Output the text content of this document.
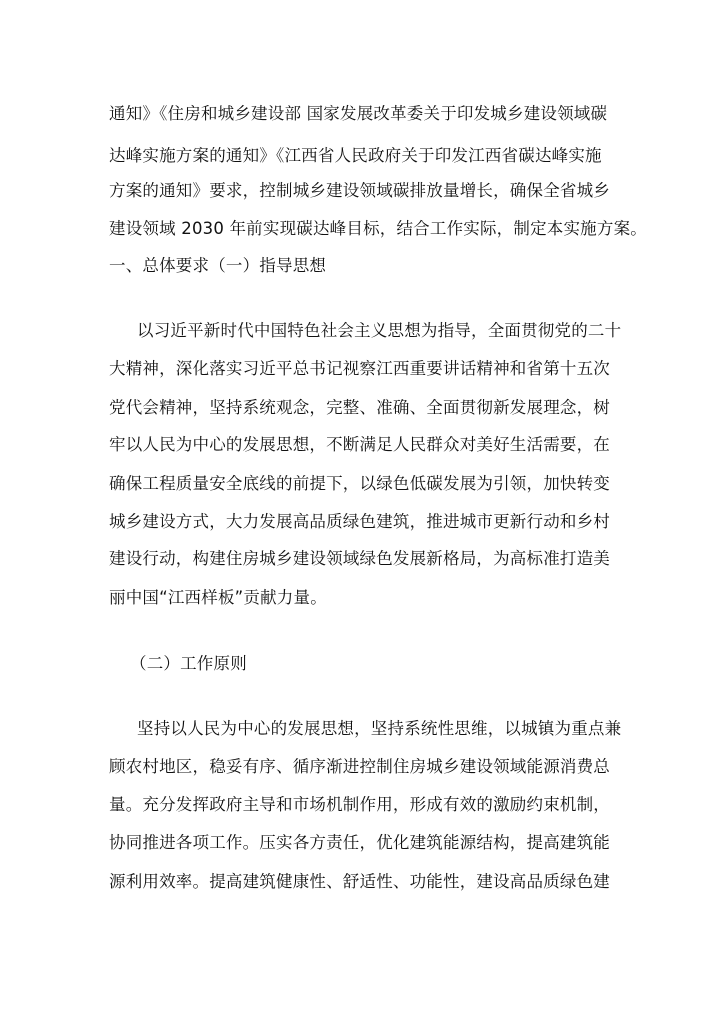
通知》《住房和城乡建设部 国家发展改革委关于印发城乡建设领域碳
达峰实施方案的通知》《江西省人民政府关于印发江西省碳达峰实施
方案的通知》要求，控制城乡建设领域碳排放量增长，确保全省城乡
建设领域 2030 年前实现碳达峰目标，结合工作实际，制定本实施方案。
一、总体要求（一）指导思想
以习近平新时代中国特色社会主义思想为指导，全面贯彻党的二十
大精神，深化落实习近平总书记视察江西重要讲话精神和省第十五次
党代会精神，坚持系统观念，完整、准确、全面贯彻新发展理念，树
牢以人民为中心的发展思想，不断满足人民群众对美好生活需要，在
确保工程质量安全底线的前提下，以绿色低碳发展为引领，加快转变
城乡建设方式，大力发展高品质绿色建筑，推进城市更新行动和乡村
建设行动，构建住房城乡建设领域绿色发展新格局，为高标准打造美
丽中国“江西样板”贡献力量。
（二）工作原则
坚持以人民为中心的发展思想，坚持系统性思维，以城镇为重点兼
顾农村地区，稳妥有序、循序渐进控制住房城乡建设领域能源消费总
量。充分发挥政府主导和市场机制作用，形成有效的激励约束机制，
协同推进各项工作。压实各方责任，优化建筑能源结构，提高建筑能
源利用效率。提高建筑健康性、舒适性、功能性，建设高品质绿色建
